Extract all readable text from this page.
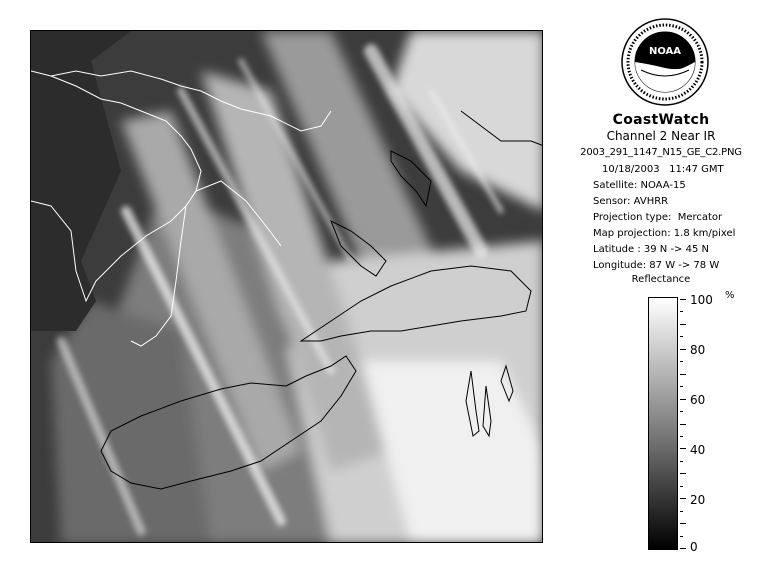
NOAA
CoastWatch
Channel 2 Near IR
2003_291_1147_N15_GE_C2.PNG
10/18/2003   11:47 GMT
Satellite: NOAA-15
Sensor: AVHRR
Projection type:  Mercator
Map projection: 1.8 km/pixel
Latitude : 39 N -> 45 N
Longitude: 87 W -> 78 W
Reflectance
%
100
80
60
40
20
0
